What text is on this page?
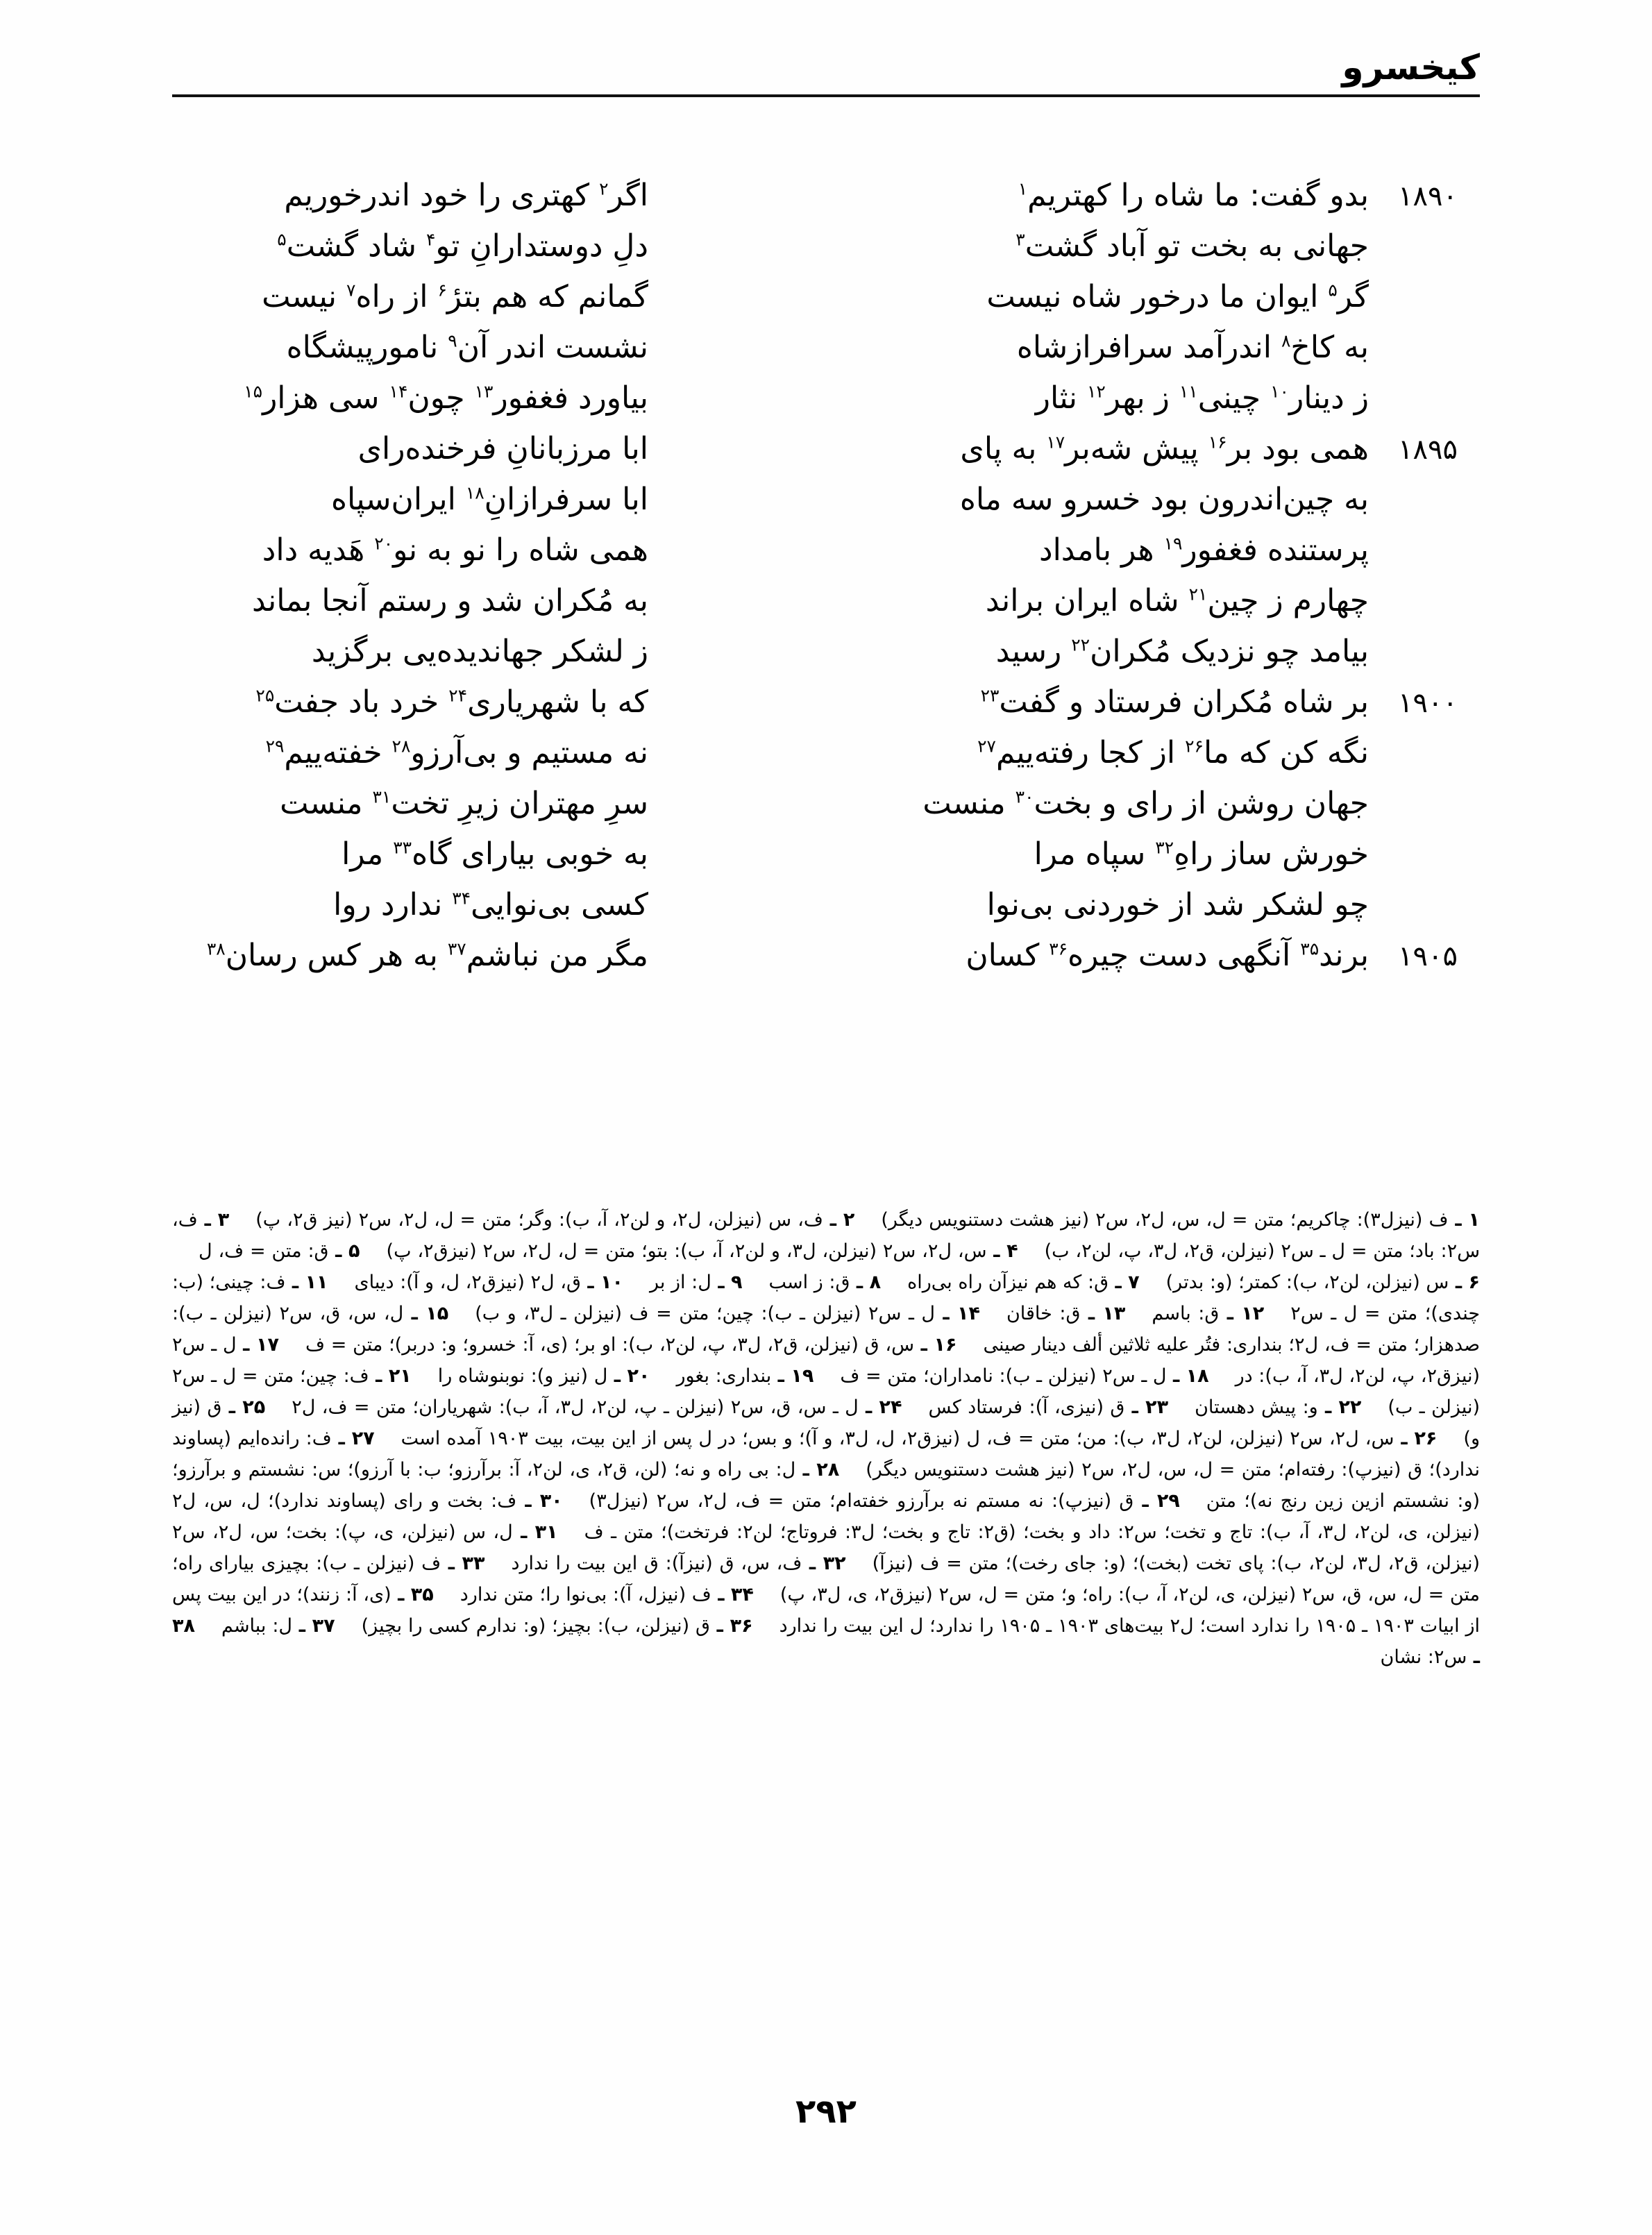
کیخسرو
۱۸۹۰
بدو گفت: ما شاه را کهتریم$^۱$
اگر$^۲$ کهتری را خود اندرخوریم
جهانی به بخت تو آباد گشت$^۳$
دلِ دوستدارانِ تو$^۴$ شاد گشت$^۵$
گر$^۵$ ایوان ما درخور شاه نیست
گمانم که هم بترٔ$^۶$ از راه$^۷$ نیست
به کاخ$^۸$ اندرآمد سرافرازشاه
نشست اندر آن$^۹$ نامورپیشگاه
ز دینار$^{۱۰}$ چینی$^{۱۱}$ ز بهر$^{۱۲}$ نثار
بیاورد فغفور$^{۱۳}$ چون$^{۱۴}$ سی هزار$^{۱۵}$
۱۸۹۵
همی بود بر$^{۱۶}$ پیش شه‌بر$^{۱۷}$ به پای
ابا مرزبانانِ فرخنده‌رای
به چین‌اندرون بود خسرو سه ماه
ابا سرفرازانِ$^{۱۸}$ ایران‌سپاه
پرستنده فغفور$^{۱۹}$ هر بامداد
همی شاه را نو به نو$^{۲۰}$ هَدیه داد
چهارم ز چین$^{۲۱}$ شاه ایران براند
به مُکران شد و رستم آنجا بماند
بیامد چو نزدیک مُکران$^{۲۲}$ رسید
ز لشکر جهاندیده‌یی برگزید
۱۹۰۰
بر شاه مُکران فرستاد و گفت$^{۲۳}$
که با شهریاری$^{۲۴}$ خرد باد جفت$^{۲۵}$
نگه کن که ما$^{۲۶}$ از کجا رفته‌ییم$^{۲۷}$
نه مستیم و بی‌آرزو$^{۲۸}$ خفته‌ییم$^{۲۹}$
جهان روشن از رای و بخت$^{۳۰}$ منست
سرِ مهتران زیرِ تخت$^{۳۱}$ منست
خورش ساز راهِ$^{۳۲}$ سپاه مرا
به خوبی بیارای گاه$^{۳۳}$ مرا
چو لشکر شد از خوردنی بی‌نوا
کسی بی‌نوایی$^{۳۴}$ ندارد روا
۱۹۰۵
برند$^{۳۵}$ آنگهی دست چیره$^{۳۶}$ کسان
مگر من نباشم$^{۳۷}$ به هر کس رسان$^{۳۸}$
۱ ـ ف (نیزل۳): چاکریم؛ متن = ل، س، ل۲، س۲ (نیز هشت دستنویس دیگر) ۲ ـ ف، س (نیزلن، ل۲، و لن۲، آ، ب): وگر؛ متن = ل، ل۲، س۲ (نیز ق۲، پ) ۳ ـ ف، س۲: باد؛ متن = ل ـ س۲ (نیزلن، ق۲، ل۳، پ، لن۲، ب) ۴ ـ س، ل۲، س۲ (نیزلن، ل۳، و لن۲، آ، ب): بتو؛ متن = ل، ل۲، س۲ (نیزق۲، پ) ۵ ـ ق: متن = ف، ل ۶ ـ س (نیزلن، لن۲، ب): کمتر؛ (و: بدتر) ۷ ـ ق: که هم نیزآن راه بی‌راه ۸ ـ ق: ز اسب ۹ ـ ل: از بر ۱۰ ـ ق، ل۲ (نیزق۲، ل، و آ): دیبای ۱۱ ـ ف: چینی؛ (ب: چندی)؛ متن = ل ـ س۲ ۱۲ ـ ق: باسم ۱۳ ـ ق: خاقان ۱۴ ـ ل ـ س۲ (نیزلن ـ ب): چین؛ متن = ف (نیزلن ـ ل۳، و ب) ۱۵ ـ ل، س، ق، س۲ (نیزلن ـ ب): صدهزار؛ متن = ف، ل۲؛ بنداری: فتُر علیه ثلاثین ألف دینار صینی ۱۶ ـ س، ق (نیزلن، ق۲، ل۳، پ، لن۲، ب): او بر؛ (ی، آ: خسرو؛ و: دربر)؛ متن = ف ۱۷ ـ ل ـ س۲ (نیزق۲، پ، لن۲، ل۳، آ، ب): در ۱۸ ـ ل ـ س۲ (نیزلن ـ ب): نامداران؛ متن = ف ۱۹ ـ بنداری: بغور ۲۰ ـ ل (نیز و): نوبنوشاه را ۲۱ ـ ف: چین؛ متن = ل ـ س۲ (نیزلن ـ ب) ۲۲ ـ و: پیش دهستان ۲۳ ـ ق (نیزی، آ): فرستاد کس ۲۴ ـ ل ـ س، ق، س۲ (نیزلن ـ پ، لن۲، ل۳، آ، ب): شهریاران؛ متن = ف، ل۲ ۲۵ ـ ق (نیز و) ۲۶ ـ س، ل۲، س۲ (نیزلن، لن۲، ل۳، ب): من؛ متن = ف، ل (نیزق۲، ل، ل۳، و آ)؛ و بس؛ در ل پس از این بیت، بیت ۱۹۰۳ آمده است ۲۷ ـ ف: رانده‌ایم (پساوند ندارد)؛ ق (نیزپ): رفته‌ام؛ متن = ل، س، ل۲، س۲ (نیز هشت دستنویس دیگر) ۲۸ ـ ل: بی راه و نه؛ (لن، ق۲، ی، لن۲، آ: برآرزو؛ ب: با آرزو)؛ س: نشستم و برآرزو؛ (و: نشستم ازین زین رنج نه)؛ متن ۲۹ ـ ق (نیزپ): نه مستم نه برآرزو خفته‌ام؛ متن = ف، ل۲، س۲ (نیزل۳) ۳۰ ـ ف: بخت و رای (پساوند ندارد)؛ ل، س، ل۲ (نیزلن، ی، لن۲، ل۳، آ، ب): تاج و تخت؛ س۲: داد و بخت؛ (ق۲: تاج و بخت؛ ل۳: فروتاج؛ لن۲: فرتخت)؛ متن ـ ف ۳۱ ـ ل، س (نیزلن، ی، پ): بخت؛ س، ل۲، س۲ (نیزلن، ق۲، ل۳، لن۲، ب): پای تخت (بخت)؛ (و: جای رخت)؛ متن = ف (نیزآ) ۳۲ ـ ف، س، ق (نیزآ): ق این بیت را ندارد ۳۳ ـ ف (نیزلن ـ ب): بچیزی بیارای راه؛ متن = ل، س، ق، س۲ (نیزلن، ی، لن۲، آ، ب): راه؛ و؛ متن = ل، س۲ (نیزق۲، ی، ل۳، پ) ۳۴ ـ ف (نیزل، آ): بی‌نوا را؛ متن ندارد ۳۵ ـ (ی، آ: زنند)؛ در این بیت پس از ابیات ۱۹۰۳ ـ ۱۹۰۵ را ندارد است؛ ل۲ بیت‌های ۱۹۰۳ ـ ۱۹۰۵ را ندارد؛ ل این بیت را ندارد ۳۶ ـ ق (نیزلن، ب): بچیز؛ (و: ندارم کسی را بچیز) ۳۷ ـ ل: بباشم ۳۸ ـ س۲: نشان
۲۹۲
